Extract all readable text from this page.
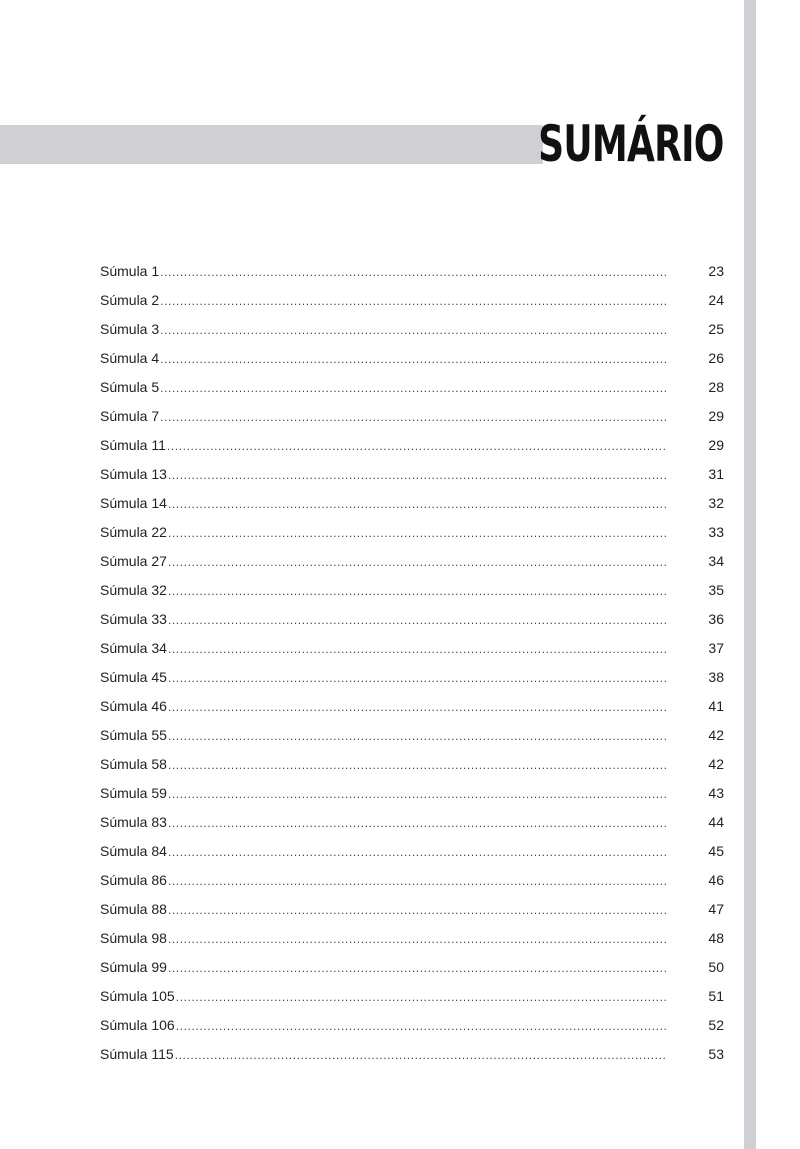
SUMÁRIO
Súmula 1 .....	23
Súmula 2 .....	24
Súmula 3 .....	25
Súmula 4 .....	26
Súmula 5 .....	28
Súmula 7 .....	29
Súmula 11 .....	29
Súmula 13 .....	31
Súmula 14 .....	32
Súmula 22 .....	33
Súmula 27 .....	34
Súmula 32 .....	35
Súmula 33 .....	36
Súmula 34 .....	37
Súmula 45 .....	38
Súmula 46 .....	41
Súmula 55 .....	42
Súmula 58 .....	42
Súmula 59 .....	43
Súmula 83 .....	44
Súmula 84 .....	45
Súmula 86 .....	46
Súmula 88 .....	47
Súmula 98 .....	48
Súmula 99 .....	50
Súmula 105 .....	51
Súmula 106 .....	52
Súmula 115 .....	53
